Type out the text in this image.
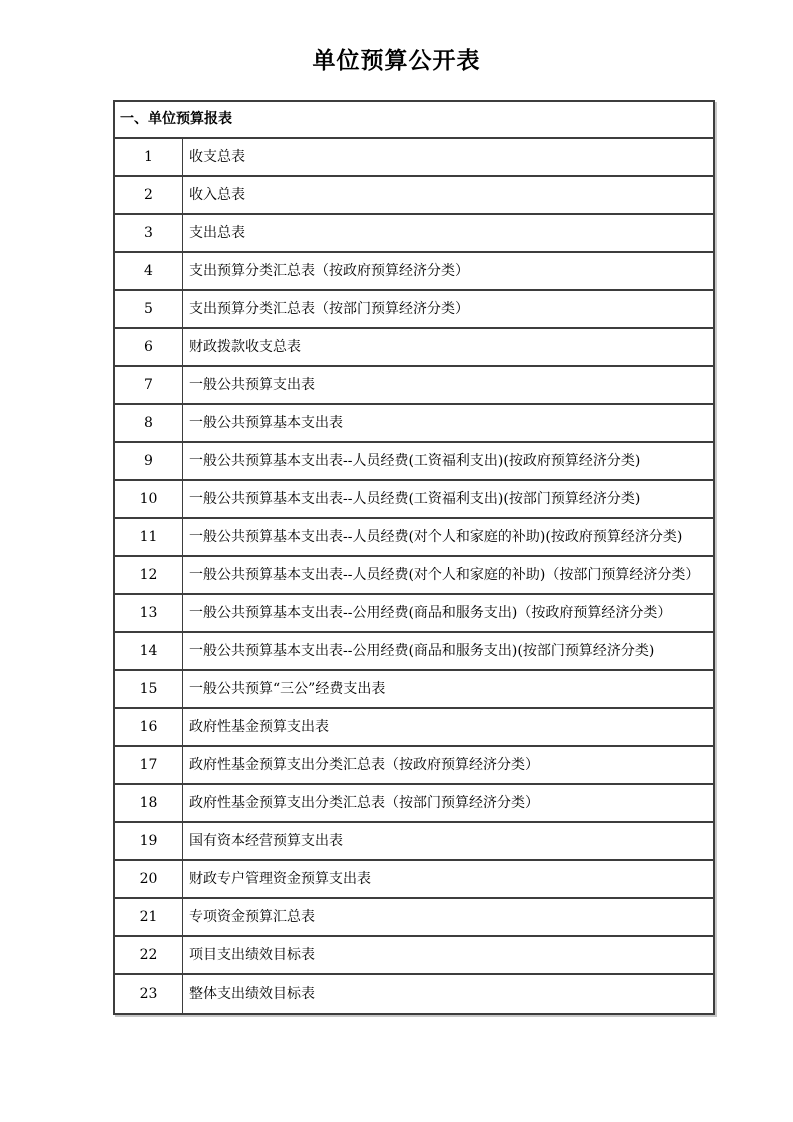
单位预算公开表
一、单位预算报表
1	收支总表
2	收入总表
3	支出总表
4	支出预算分类汇总表（按政府预算经济分类）
5	支出预算分类汇总表（按部门预算经济分类）
6	财政拨款收支总表
7	一般公共预算支出表
8	一般公共预算基本支出表
9	一般公共预算基本支出表--人员经费(工资福利支出)(按政府预算经济分类)
10	一般公共预算基本支出表--人员经费(工资福利支出)(按部门预算经济分类)
11	一般公共预算基本支出表--人员经费(对个人和家庭的补助)(按政府预算经济分类)
12	一般公共预算基本支出表--人员经费(对个人和家庭的补助)（按部门预算经济分类）
13	一般公共预算基本支出表--公用经费(商品和服务支出)（按政府预算经济分类）
14	一般公共预算基本支出表--公用经费(商品和服务支出)(按部门预算经济分类)
15	一般公共预算“三公”经费支出表
16	政府性基金预算支出表
17	政府性基金预算支出分类汇总表（按政府预算经济分类）
18	政府性基金预算支出分类汇总表（按部门预算经济分类）
19	国有资本经营预算支出表
20	财政专户管理资金预算支出表
21	专项资金预算汇总表
22	项目支出绩效目标表
23	整体支出绩效目标表
